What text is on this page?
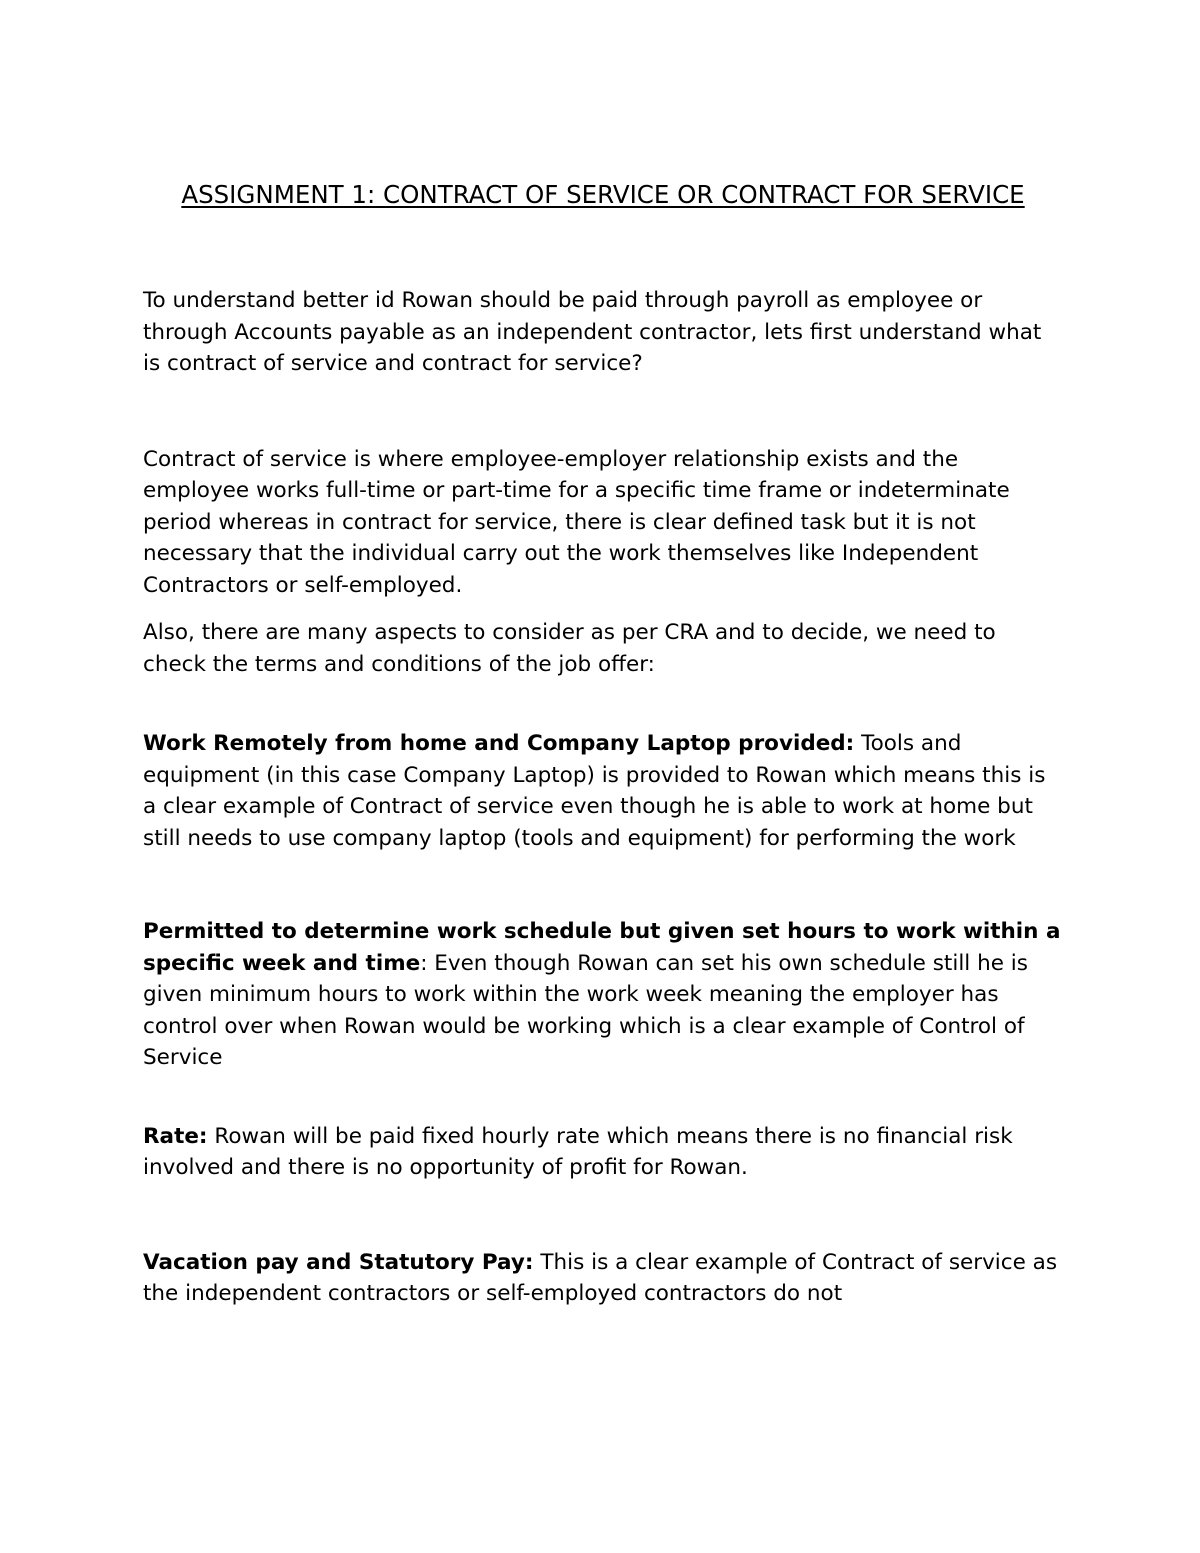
ASSIGNMENT 1: CONTRACT OF SERVICE OR CONTRACT FOR SERVICE

To understand better id Rowan should be paid through payroll as employee or through Accounts payable as an independent contractor, lets first understand what is contract of service and contract for service?

Contract of service is where employee-employer relationship exists and the employee works full-time or part-time for a specific time frame or indeterminate period whereas in contract for service, there is clear defined task but it is not necessary that the individual carry out the work themselves like Independent Contractors or self-employed.

Also, there are many aspects to consider as per CRA and to decide, we need to check the terms and conditions of the job offer:

Work Remotely from home and Company Laptop provided: Tools and equipment (in this case Company Laptop) is provided to Rowan which means this is a clear example of Contract of service even though he is able to work at home but still needs to use company laptop (tools and equipment) for performing the work

Permitted to determine work schedule but given set hours to work within a specific week and time: Even though Rowan can set his own schedule still he is given minimum hours to work within the work week meaning the employer has control over when Rowan would be working which is a clear example of Control of Service

Rate: Rowan will be paid fixed hourly rate which means there is no financial risk involved and there is no opportunity of profit for Rowan.

Vacation pay and Statutory Pay: This is a clear example of Contract of service as the independent contractors or self-employed contractors do not
